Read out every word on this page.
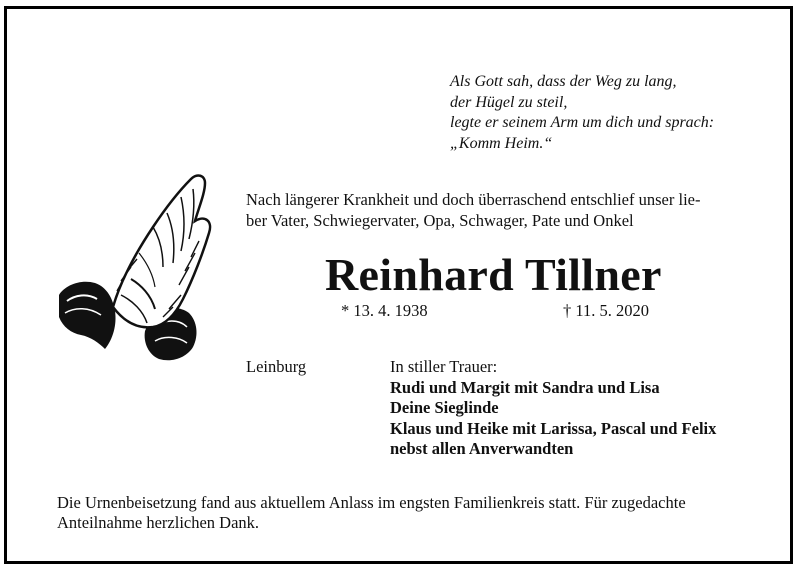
Als Gott sah, dass der Weg zu lang,
der Hügel zu steil,
legte er seinem Arm um dich und sprach:
„Komm Heim.“
Nach längerer Krankheit und doch überraschend entschlief unser lie-
ber Vater, Schwiegervater, Opa, Schwager, Pate und Onkel
Reinhard Tillner
* 13. 4. 1938	† 11. 5. 2020
Leinburg	In stiller Trauer:
Rudi und Margit mit Sandra und Lisa
Deine Sieglinde
Klaus und Heike mit Larissa, Pascal und Felix
nebst allen Anverwandten
Die Urnenbeisetzung fand aus aktuellem Anlass im engsten Familienkreis statt. Für zugedachte
Anteilnahme herzlichen Dank.
